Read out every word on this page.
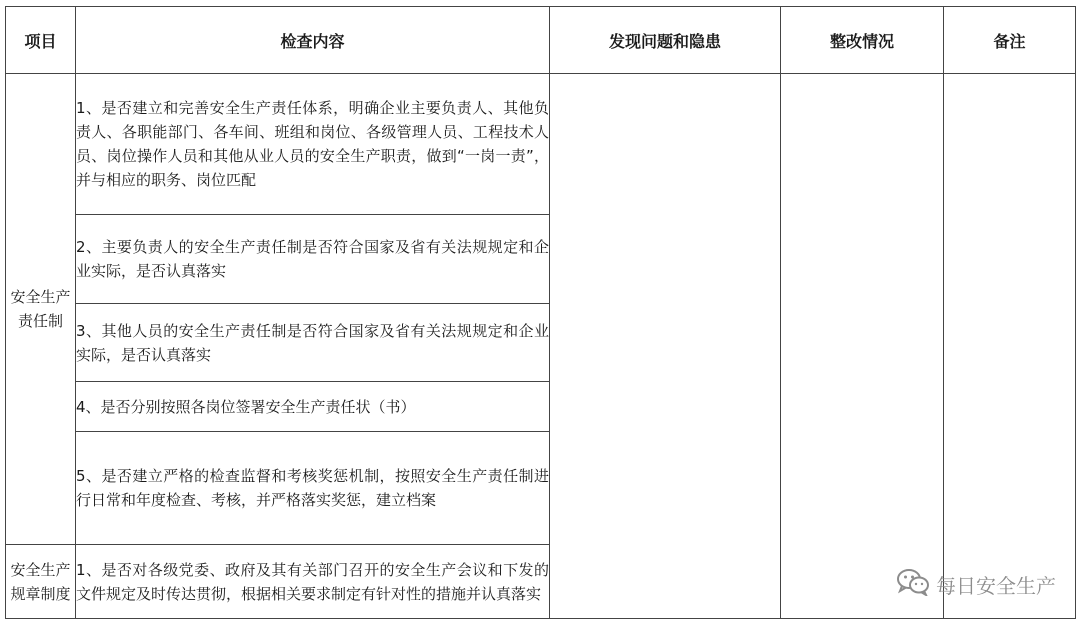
项目	检查内容	发现问题和隐患	整改情况	备注
安全生产责任制	1、是否建立和完善安全生产责任体系，明确企业主要负责人、其他负责人、各职能部门、各车间、班组和岗位、各级管理人员、工程技术人员、岗位操作人员和其他从业人员的安全生产职责，做到“一岗一责”，并与相应的职务、岗位匹配			
	2、主要负责人的安全生产责任制是否符合国家及省有关法规规定和企业实际，是否认真落实			
	3、其他人员的安全生产责任制是否符合国家及省有关法规规定和企业实际，是否认真落实			
	4、是否分别按照各岗位签署安全生产责任状（书）			
	5、是否建立严格的检查监督和考核奖惩机制，按照安全生产责任制进行日常和年度检查、考核，并严格落实奖惩，建立档案			
安全生产规章制度	1、是否对各级党委、政府及其有关部门召开的安全生产会议和下发的文件规定及时传达贯彻，根据相关要求制定有针对性的措施并认真落实				每日安全生产
